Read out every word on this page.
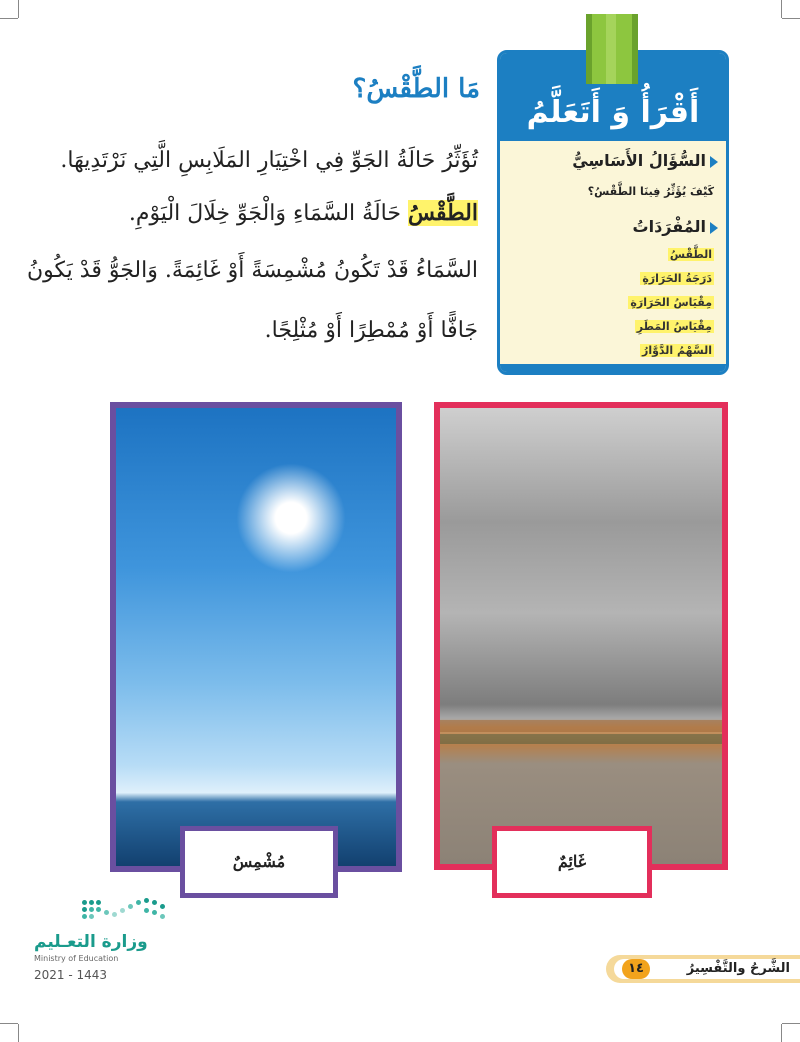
أَقْرَأُ وَ أَتَعَلَّمُ
السُّؤَالُ الأَسَاسِيُّ
كَيْفَ يُؤَثِّرُ فِينَا الطَّقْسُ؟
المُفْرَدَاتُ
الطَّقْسُ
دَرَجَةُ الحَرَارَةِ
مِقْيَاسُ الحَرَارَةِ
مِقْيَاسُ المَطَرِ
السَّهْمُ الدَّوَّارُ
مَا الطَّقْسُ؟
تُؤَثِّرُ حَالَةُ الجَوِّ فِي اخْتِيَارِ المَلَابِسِ الَّتِي نَرْتَدِيهَا.
الطَّقْسُ حَالَةُ السَّمَاءِ وَالْجَوِّ خِلَالَ الْيَوْمِ.
السَّمَاءُ قَدْ تَكُونُ مُشْمِسَةً أَوْ غَائِمَةً. وَالجَوُّ قَدْ يَكُونُ
جَافًّا أَوْ مُمْطِرًا أَوْ مُثْلِجًا.
مُشْمِسٌ	غَائِمٌ
وزارة التعـليم
Ministry of Education
2021 - 1443	١٤	الشَّرحُ والتَّفْسِيرُ
